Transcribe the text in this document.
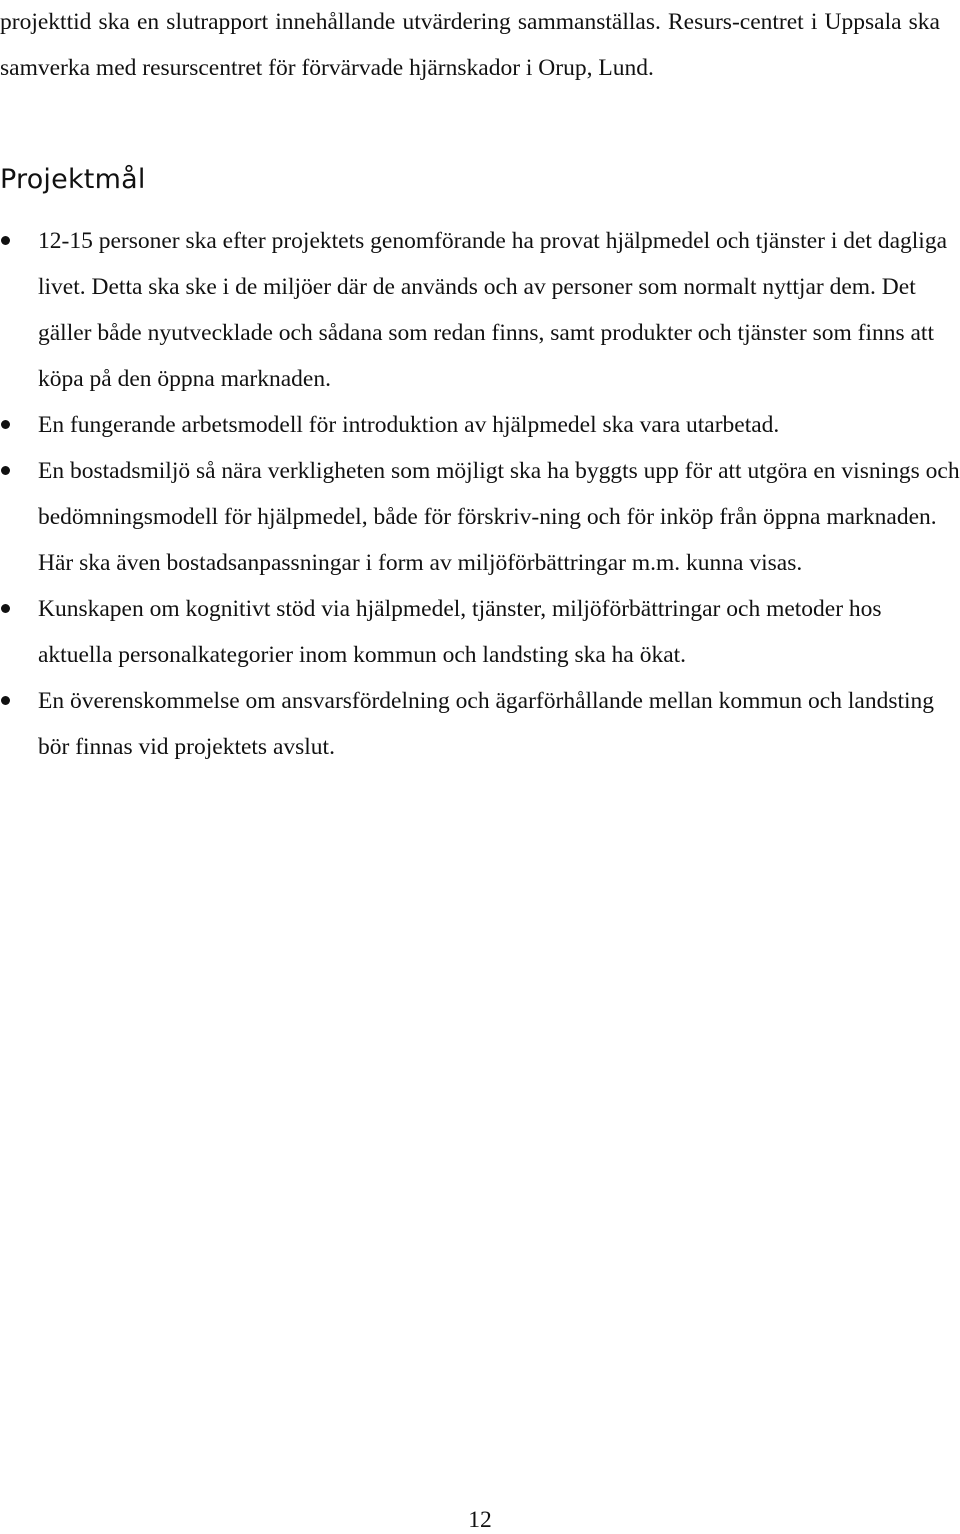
projekttid ska en slutrapport innehållande utvärdering sammanställas. Resurs-centret i Uppsala ska samverka med resurscentret för förvärvade hjärnskador i Orup, Lund.

Projektmål
12-15 personer ska efter projektets genomförande ha provat hjälpmedel och tjänster i det dagliga livet. Detta ska ske i de miljöer där de används och av personer som normalt nyttjar dem. Det gäller både nyutvecklade och sådana som redan finns, samt produkter och tjänster som finns att köpa på den öppna marknaden.
En fungerande arbetsmodell för introduktion av hjälpmedel ska vara utarbetad.
En bostadsmiljö så nära verkligheten som möjligt ska ha byggts upp för att utgöra en visnings och bedömningsmodell för hjälpmedel, både för förskriv-ning och för inköp från öppna marknaden. Här ska även bostadsanpassningar i form av miljöförbättringar m.m. kunna visas.
Kunskapen om kognitivt stöd via hjälpmedel, tjänster, miljöförbättringar och metoder hos aktuella personalkategorier inom kommun och landsting ska ha ökat.
En överenskommelse om ansvarsfördelning och ägarförhållande mellan kommun och landsting bör finnas vid projektets avslut.
12
